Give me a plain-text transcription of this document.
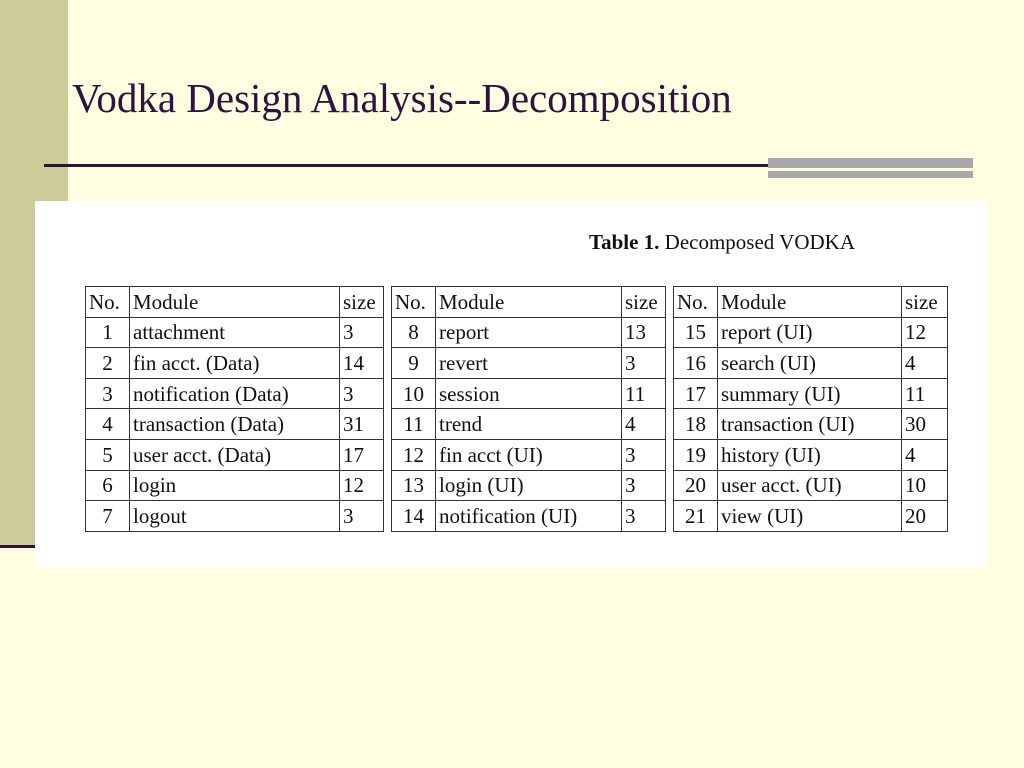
Vodka Design Analysis--Decomposition
Table 1. Decomposed VODKA
No.	Module	size		No.	Module	size		No.	Module	size
1	attachment	3		8	report	13		15	report (UI)	12
2	fin acct. (Data)	14		9	revert	3		16	search (UI)	4
3	notification (Data)	3		10	session	11		17	summary (UI)	11
4	transaction (Data)	31		11	trend	4		18	transaction (UI)	30
5	user acct. (Data)	17		12	fin acct (UI)	3		19	history (UI)	4
6	login	12		13	login (UI)	3		20	user acct. (UI)	10
7	logout	3		14	notification (UI)	3		21	view (UI)	20
